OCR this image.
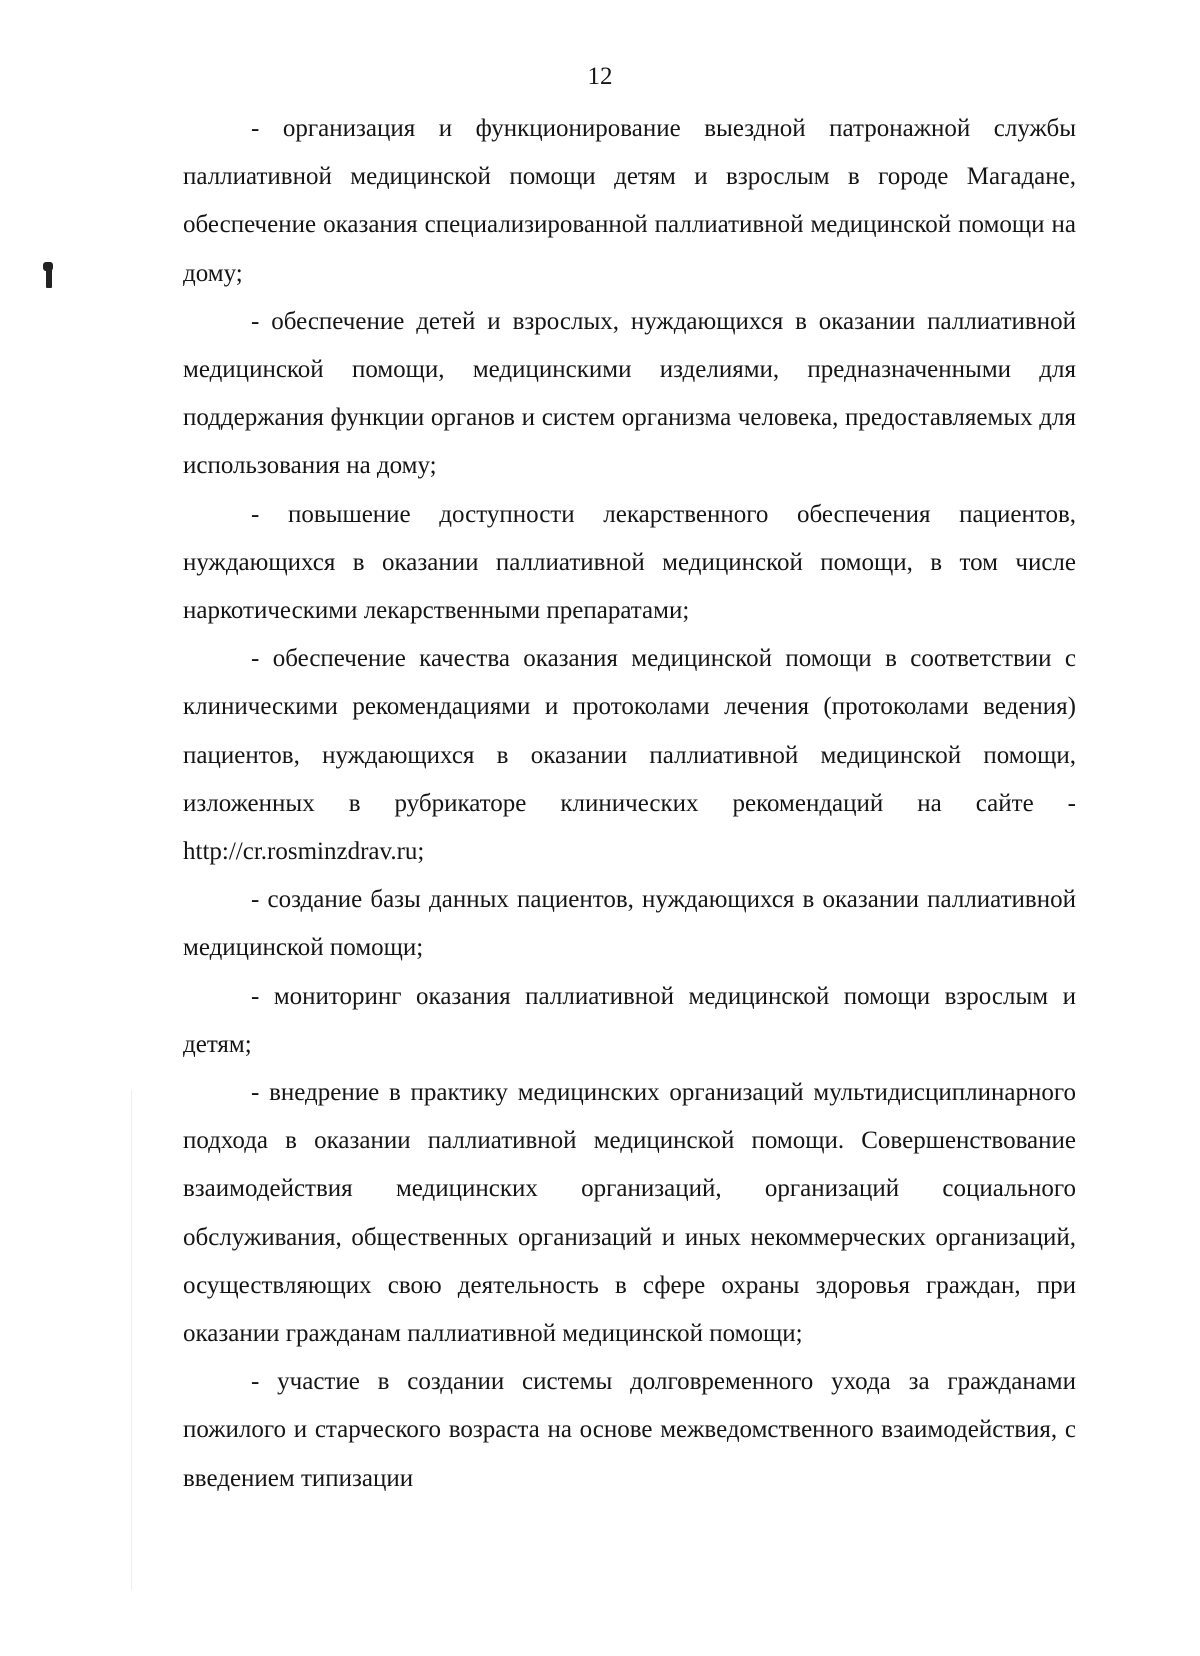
12

- организация и функционирование выездной патронажной службы паллиативной медицинской помощи детям и взрослым в городе Магадане, обеспечение оказания специализированной паллиативной медицинской помощи на дому;

- обеспечение детей и взрослых, нуждающихся в оказании паллиативной медицинской помощи, медицинскими изделиями, предназначенными для поддержания функции органов и систем организма человека, предоставляемых для использования на дому;

- повышение доступности лекарственного обеспечения пациентов, нуждающихся в оказании паллиативной медицинской помощи, в том числе наркотическими лекарственными препаратами;

- обеспечение качества оказания медицинской помощи в соответствии с клиническими рекомендациями и протоколами лечения (протоколами ведения) пациентов, нуждающихся в оказании паллиативной медицинской помощи, изложенных в рубрикаторе клинических рекомендаций на сайте -http://cr.rosminzdrav.ru;

- создание базы данных пациентов, нуждающихся в оказании паллиативной медицинской помощи;

- мониторинг оказания паллиативной медицинской помощи взрослым и детям;

- внедрение в практику медицинских организаций мультидисциплинарного подхода в оказании паллиативной медицинской помощи. Совершенствование взаимодействия медицинских организаций, организаций социального обслуживания, общественных организаций и иных некоммерческих организаций, осуществляющих свою деятельность в сфере охраны здоровья граждан, при оказании гражданам паллиативной медицинской помощи;

- участие в создании системы долговременного ухода за гражданами пожилого и старческого возраста на основе межведомственного взаимодействия, с введением типизации
